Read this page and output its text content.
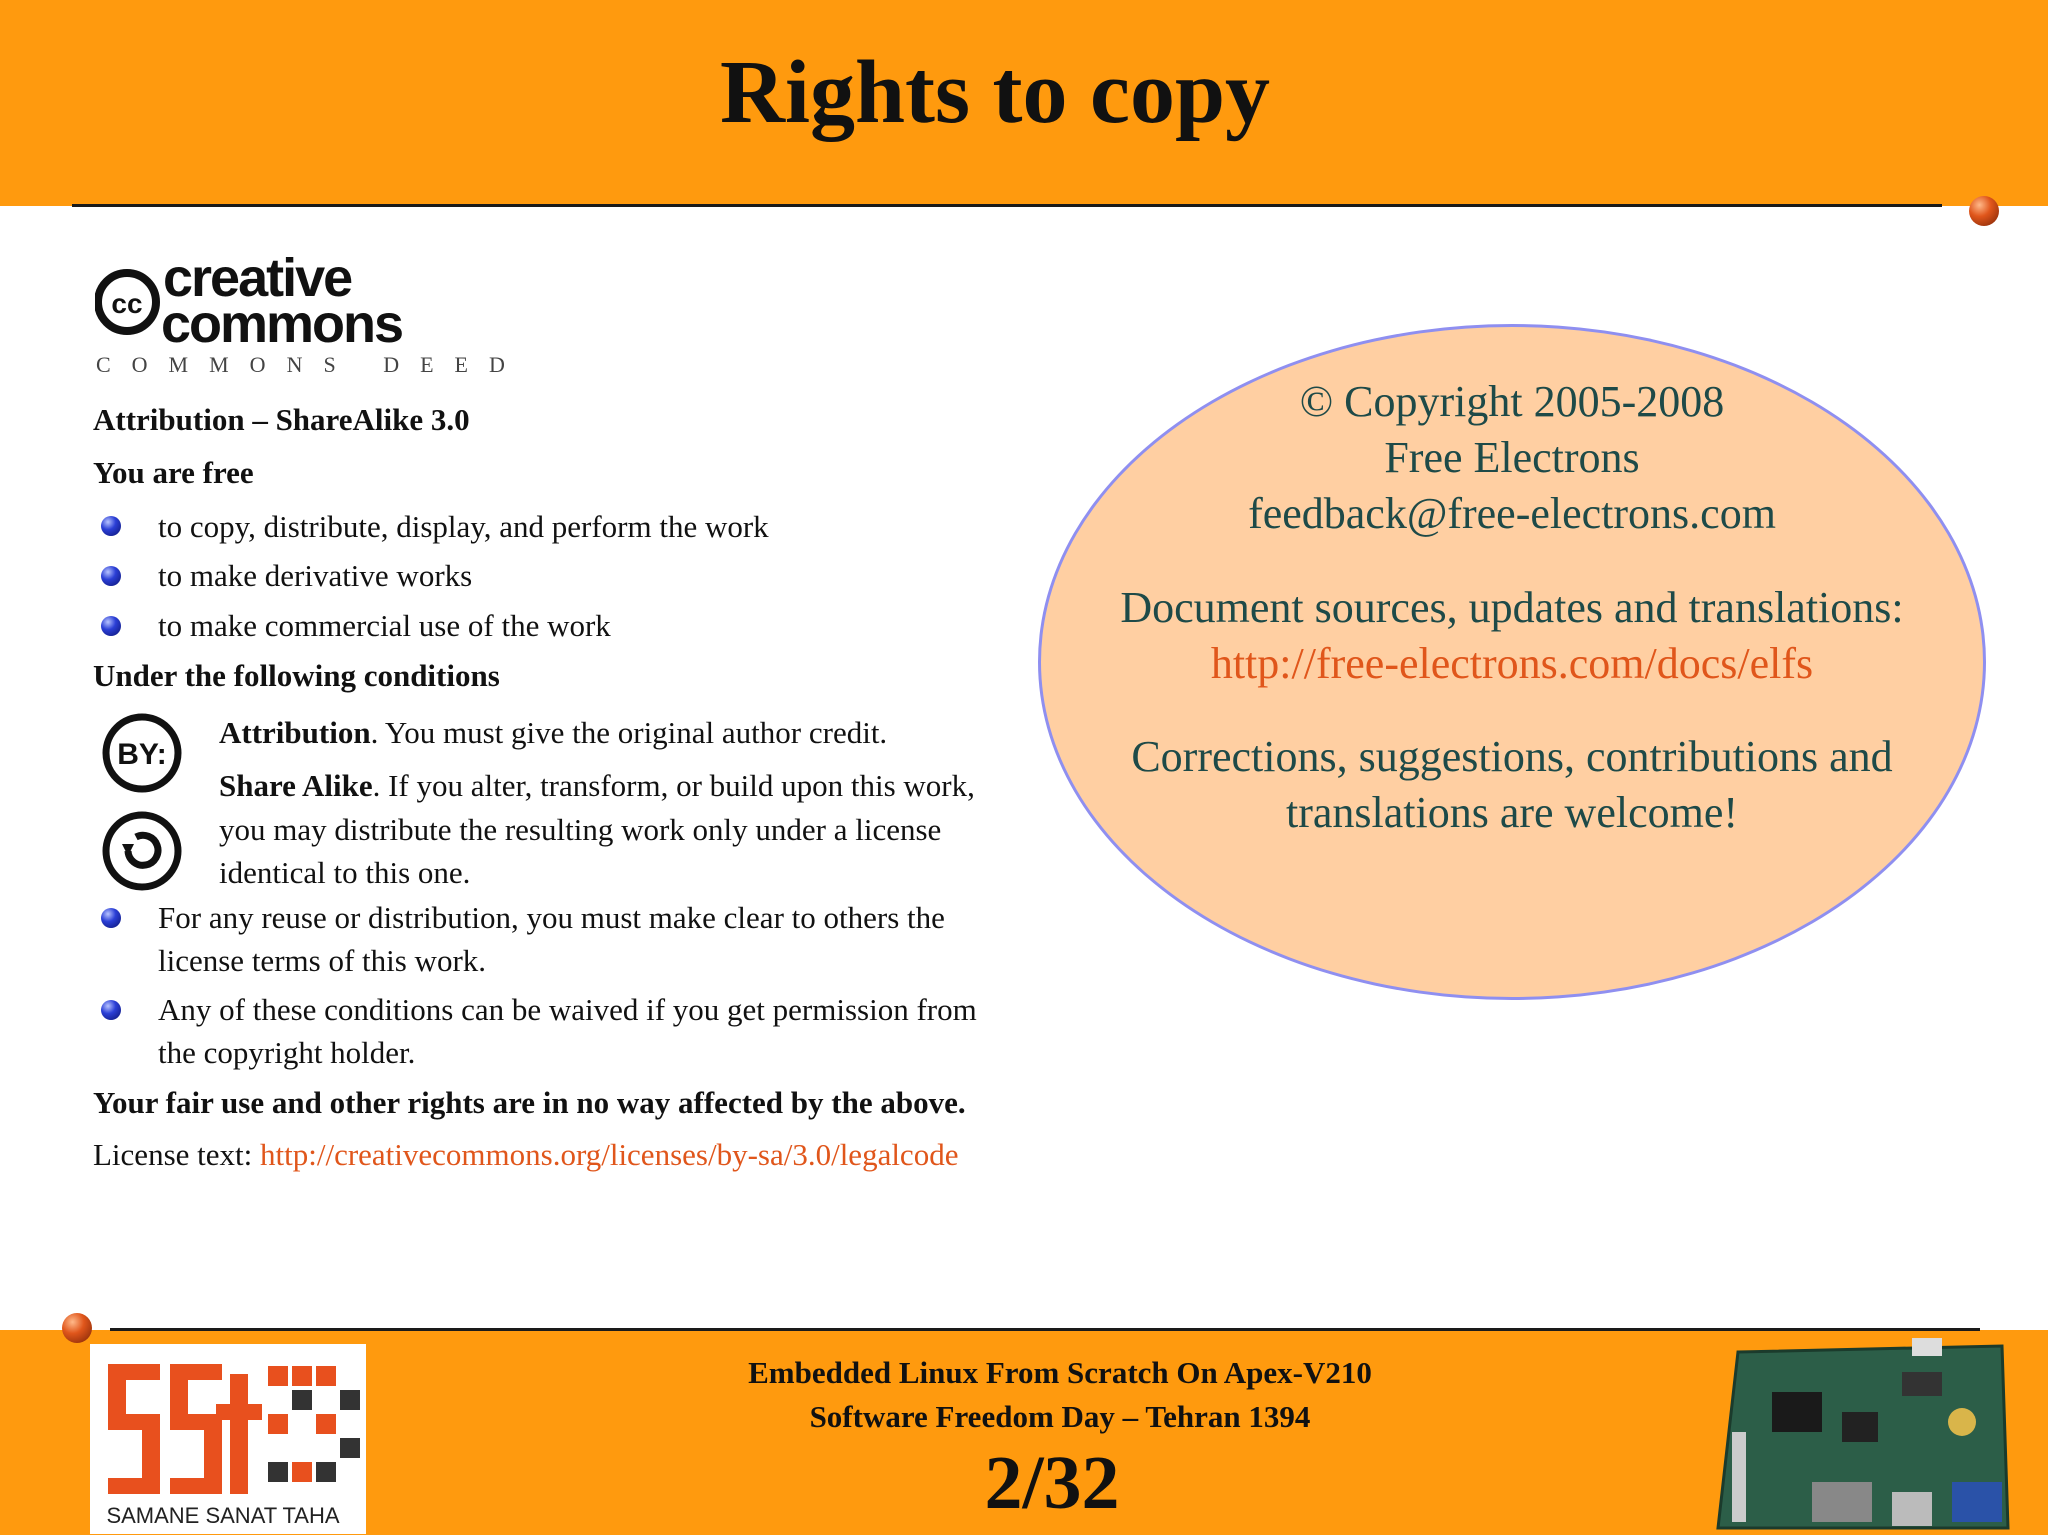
Rights to copy
cc creative
commons
COMMONS DEED
Attribution – ShareAlike 3.0
You are free
to copy, distribute, display, and perform the work
to make derivative works
to make commercial use of the work
Under the following conditions
BY:
Attribution. You must give the original author credit.
Share Alike. If you alter, transform, or build upon this work,
you may distribute the resulting work only under a license
identical to this one.
For any reuse or distribution, you must make clear to others the
license terms of this work.
Any of these conditions can be waived if you get permission from
the copyright holder.
Your fair use and other rights are in no way affected by the above.
License text: http://creativecommons.org/licenses/by-sa/3.0/legalcode
© Copyright 2005-2008
Free Electrons
feedback@free-electrons.com
Document sources, updates and translations:
http://free-electrons.com/docs/elfs
Corrections, suggestions, contributions and
translations are welcome!
SAMANE SANAT TAHA
Embedded Linux From Scratch On Apex-V210
Software Freedom Day – Tehran 1394
2/32
